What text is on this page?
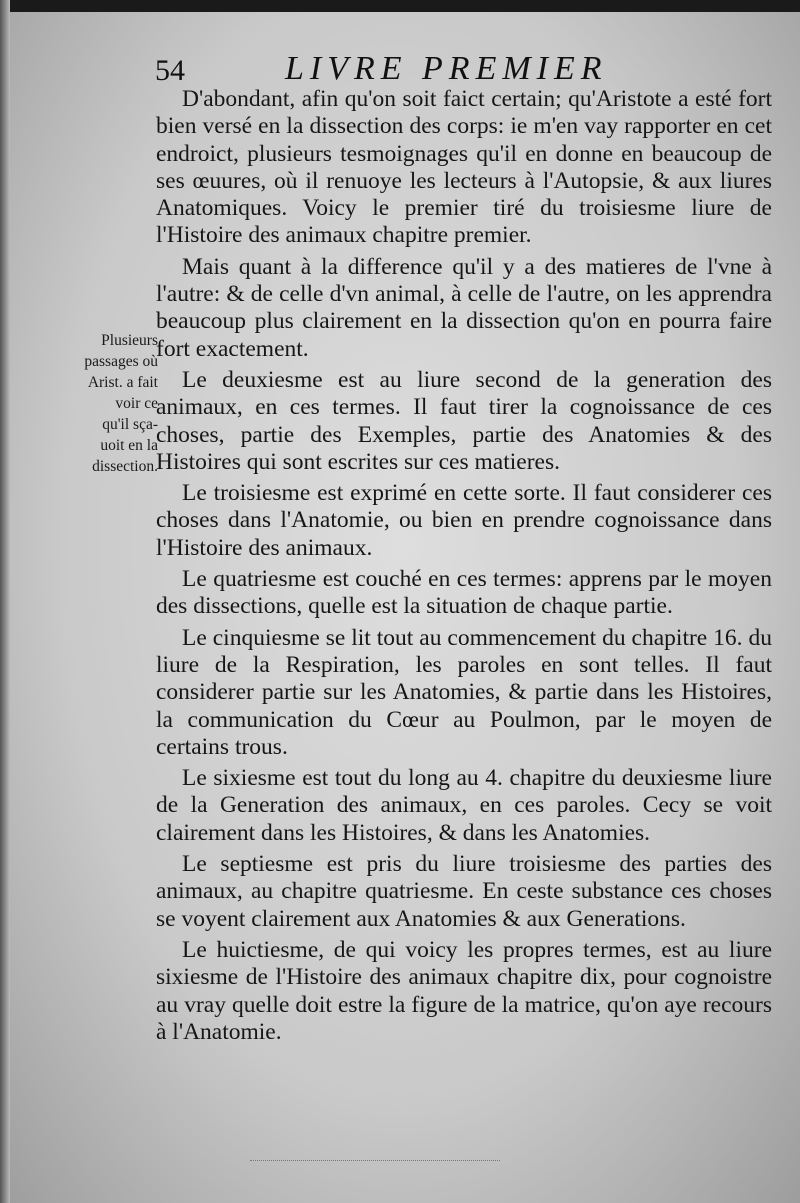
54	LIVRE PREMIER
Plusieurs
passages où
Arist. a fait
voir ce
qu'il sça-
uoit en la
dissection.

D'abondant, afin qu'on soit faict certain; qu'Aristote a esté fort bien versé en la dissection des corps: ie m'en vay rapporter en cet endroict, plusieurs tesmoignages qu'il en donne en beaucoup de ses œuures, où il renuoye les lecteurs à l'Autopsie, & aux liures Anatomiques. Voicy le premier tiré du troisiesme liure de l'Histoire des animaux chapitre premier.

Mais quant à la difference qu'il y a des matieres de l'vne à l'autre: & de celle d'vn animal, à celle de l'autre, on les apprendra beaucoup plus clairement en la dissection qu'on en pourra faire fort exactement.

Le deuxiesme est au liure second de la generation des animaux, en ces termes. Il faut tirer la cognoissance de ces choses, partie des Exemples, partie des Anatomies & des Histoires qui sont escrites sur ces matieres.

Le troisiesme est exprimé en cette sorte. Il faut considerer ces choses dans l'Anatomie, ou bien en prendre cognoissance dans l'Histoire des animaux.

Le quatriesme est couché en ces termes: apprens par le moyen des dissections, quelle est la situation de chaque partie.

Le cinquiesme se lit tout au commencement du chapitre 16. du liure de la Respiration, les paroles en sont telles. Il faut considerer partie sur les Anatomies, & partie dans les Histoires, la communication du Cœur au Poulmon, par le moyen de certains trous.

Le sixiesme est tout du long au 4. chapitre du deuxiesme liure de la Generation des animaux, en ces paroles. Cecy se voit clairement dans les Histoires, & dans les Anatomies.

Le septiesme est pris du liure troisiesme des parties des animaux, au chapitre quatriesme. En ceste substance ces choses se voyent clairement aux Anatomies & aux Generations.

Le huictiesme, de qui voicy les propres termes, est au liure sixiesme de l'Histoire des animaux chapitre dix, pour cognoistre au vray quelle doit estre la figure de la matrice, qu'on aye recours à l'Anatomie.
